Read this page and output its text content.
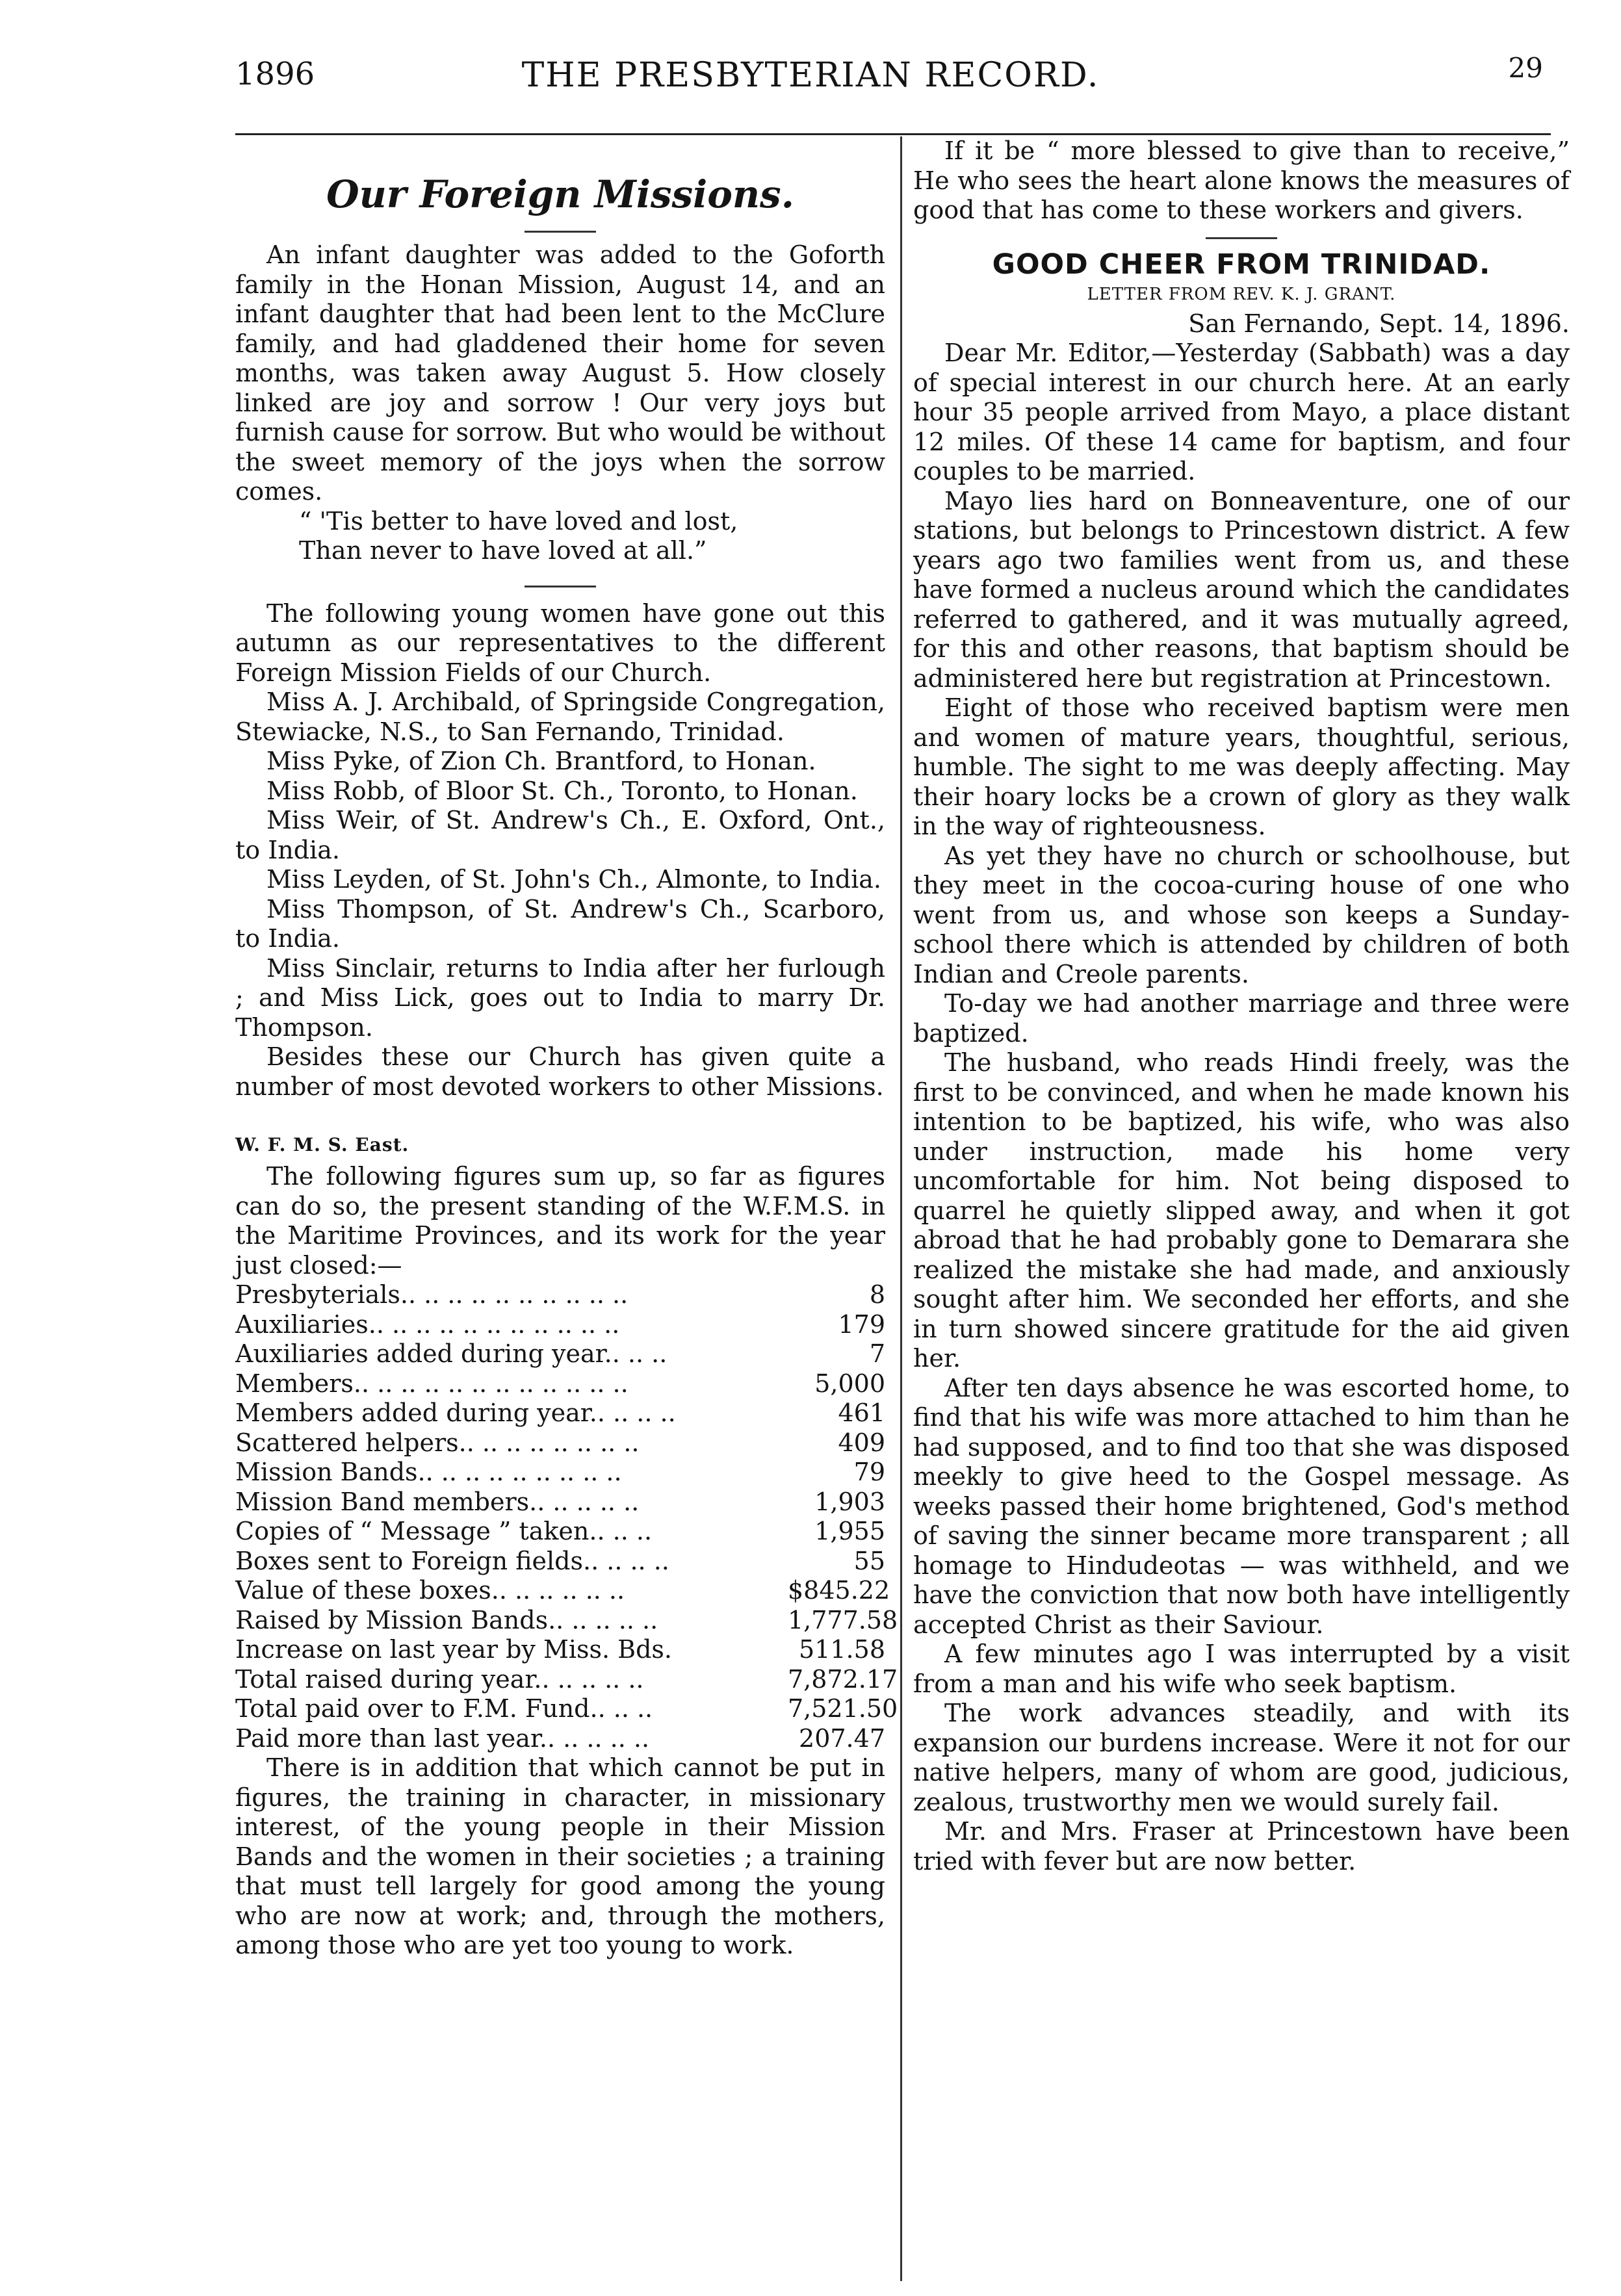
1896	THE PRESBYTERIAN RECORD.	29
Our Foreign Missions.

An infant daughter was added to the Goforth family in the Honan Mission, August 14, and an infant daughter that had been lent to the McClure family, and had gladdened their home for seven months, was taken away August 5. How closely linked are joy and sorrow ! Our very joys but furnish cause for sorrow. But who would be without the sweet memory of the joys when the sorrow comes.

“ 'Tis better to have loved and lost,

Than never to have loved at all.”

The following young women have gone out this autumn as our representatives to the different Foreign Mission Fields of our Church.

Miss A. J. Archibald, of Springside Congregation, Stewiacke, N.S., to San Fernando, Trinidad.

Miss Pyke, of Zion Ch. Brantford, to Honan.

Miss Robb, of Bloor St. Ch., Toronto, to Honan.

Miss Weir, of St. Andrew's Ch., E. Oxford, Ont., to India.

Miss Leyden, of St. John's Ch., Almonte, to India.

Miss Thompson, of St. Andrew's Ch., Scarboro, to India.

Miss Sinclair, returns to India after her furlough ; and Miss Lick, goes out to India to marry Dr. Thompson.

Besides these our Church has given quite a number of most devoted workers to other Missions.

W. F. M. S. East.

The following figures sum up, so far as figures can do so, the present standing of the W.F.M.S. in the Maritime Provinces, and its work for the year just closed:—

Presbyterials.. .. .. .. .. .. .. .. .. ..	8
Auxiliaries.. .. .. .. .. .. .. .. .. .. ..	179
Auxiliaries added during year.. .. ..	7
Members.. .. .. .. .. .. .. .. .. .. .. ..	5,000
Members added during year.. .. .. ..	461
Scattered helpers.. .. .. .. .. .. .. ..	409
Mission Bands.. .. .. .. .. .. .. .. ..	79
Mission Band members.. .. .. .. ..	1,903
Copies of “ Message ” taken.. .. ..	1,955
Boxes sent to Foreign fields.. .. .. ..	55
Value of these boxes.. .. .. .. .. ..	$845.22
Raised by Mission Bands.. .. .. .. ..	1,777.58
Increase on last year by Miss. Bds.	511.58
Total raised during year.. .. .. .. ..	7,872.17
Total paid over to F.M. Fund.. .. ..	7,521.50
Paid more than last year.. .. .. .. ..	207.47

There is in addition that which cannot be put in figures, the training in character, in missionary interest, of the young people in their Mission Bands and the women in their societies ; a training that must tell largely for good among the young who are now at work; and, through the mothers, among those who are yet too young to work.

If it be “ more blessed to give than to receive,” He who sees the heart alone knows the measures of good that has come to these workers and givers.

GOOD CHEER FROM TRINIDAD.
LETTER FROM REV. K. J. GRANT.

San Fernando, Sept. 14, 1896.

Dear Mr. Editor,—Yesterday (Sabbath) was a day of special interest in our church here. At an early hour 35 people arrived from Mayo, a place distant 12 miles. Of these 14 came for baptism, and four couples to be married.

Mayo lies hard on Bonneaventure, one of our stations, but belongs to Princestown district. A few years ago two families went from us, and these have formed a nucleus around which the candidates referred to gathered, and it was mutually agreed, for this and other reasons, that baptism should be administered here but registration at Princestown.

Eight of those who received baptism were men and women of mature years, thoughtful, serious, humble. The sight to me was deeply affecting. May their hoary locks be a crown of glory as they walk in the way of righteousness.

As yet they have no church or schoolhouse, but they meet in the cocoa-curing house of one who went from us, and whose son keeps a Sunday-school there which is attended by children of both Indian and Creole parents.

To-day we had another marriage and three were baptized.

The husband, who reads Hindi freely, was the first to be convinced, and when he made known his intention to be baptized, his wife, who was also under instruction, made his home very uncomfortable for him. Not being disposed to quarrel he quietly slipped away, and when it got abroad that he had probably gone to Demarara she realized the mistake she had made, and anxiously sought after him. We seconded her efforts, and she in turn showed sincere gratitude for the aid given her.

After ten days absence he was escorted home, to find that his wife was more attached to him than he had supposed, and to find too that she was disposed meekly to give heed to the Gospel message. As weeks passed their home brightened, God's method of saving the sinner became more transparent ; all homage to Hindudeotas — was withheld, and we have the conviction that now both have intelligently accepted Christ as their Saviour.

A few minutes ago I was interrupted by a visit from a man and his wife who seek baptism.

The work advances steadily, and with its expansion our burdens increase. Were it not for our native helpers, many of whom are good, judicious, zealous, trustworthy men we would surely fail.

Mr. and Mrs. Fraser at Princestown have been tried with fever but are now better.
